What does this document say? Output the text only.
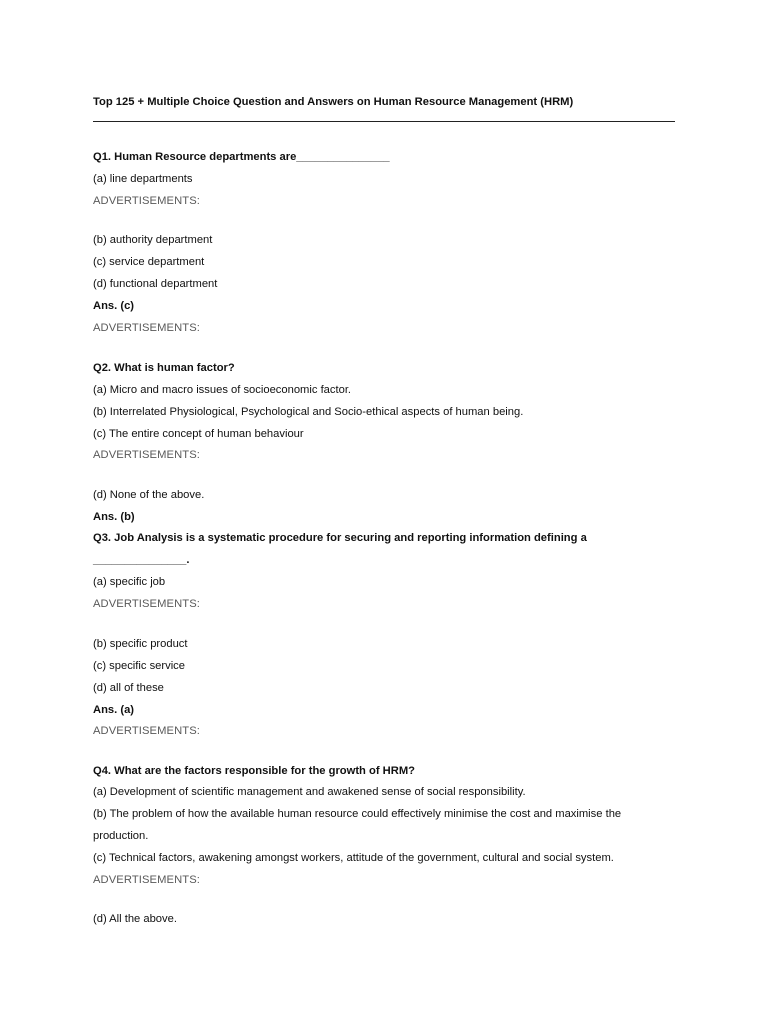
Top 125 + Multiple Choice Question and Answers on Human Resource Management (HRM)
Q1. Human Resource departments are_______________
(a) line departments
ADVERTISEMENTS:
(b) authority department
(c) service department
(d) functional department
Ans. (c)
ADVERTISEMENTS:
Q2. What is human factor?
(a) Micro and macro issues of socioeconomic factor.
(b) Interrelated Physiological, Psychological and Socio-ethical aspects of human being.
(c) The entire concept of human behaviour
ADVERTISEMENTS:
(d) None of the above.
Ans. (b)
Q3. Job Analysis is a systematic procedure for securing and reporting information defining a
_______________.
(a) specific job
ADVERTISEMENTS:
(b) specific product
(c) specific service
(d) all of these
Ans. (a)
ADVERTISEMENTS:
Q4. What are the factors responsible for the growth of HRM?
(a) Development of scientific management and awakened sense of social responsibility.
(b) The problem of how the available human resource could effectively minimise the cost and maximise the
production.
(c) Technical factors, awakening amongst workers, attitude of the government, cultural and social system.
ADVERTISEMENTS:
(d) All the above.
